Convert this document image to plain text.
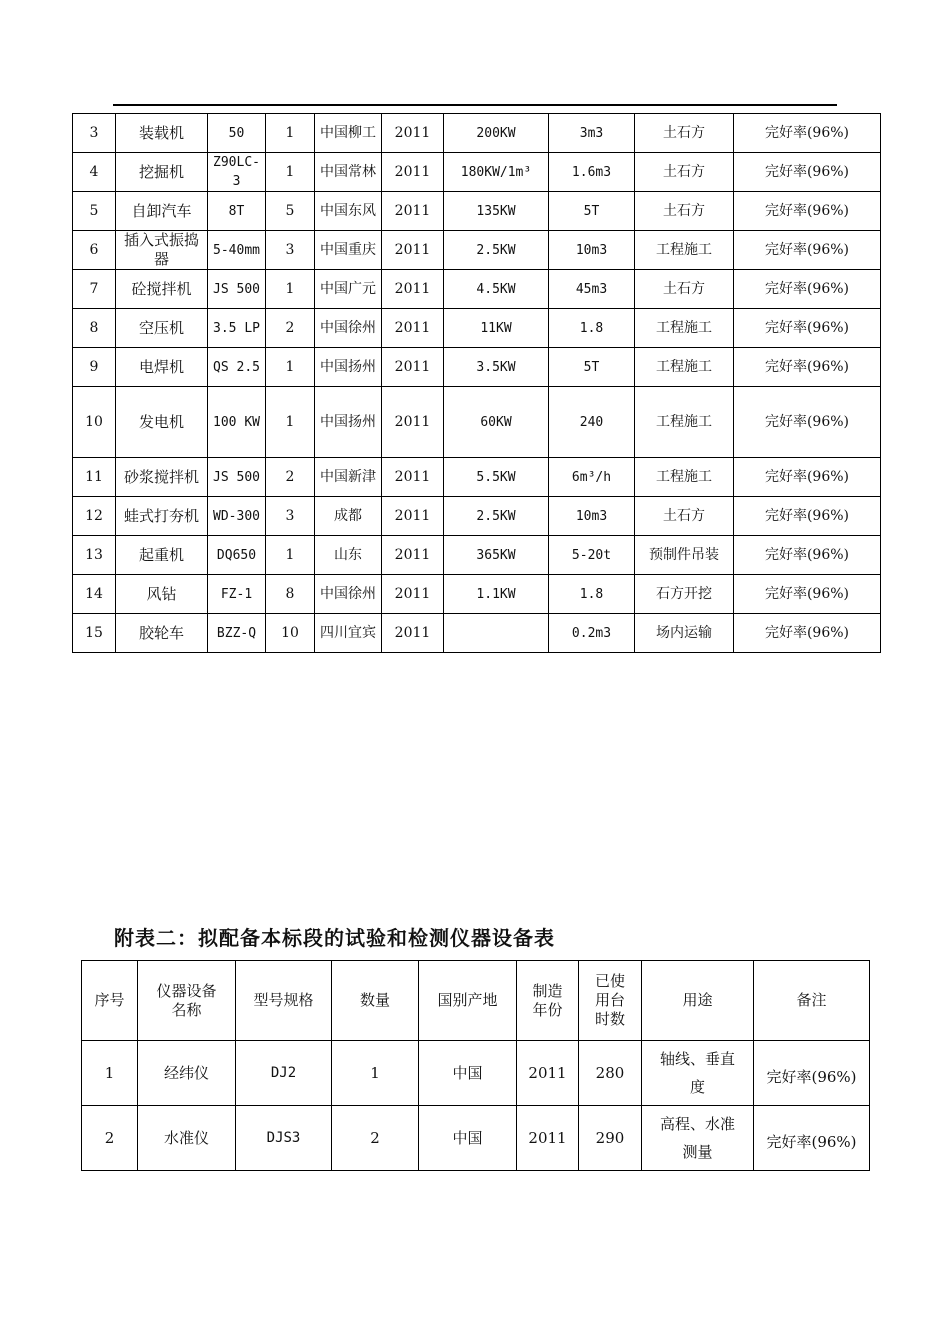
3	装载机	50	1	中国柳工	2011	200KW	3m3	土石方	完好率(96%)
4	挖掘机	Z90LC-3	1	中国常林	2011	180KW/1m³	1.6m3	土石方	完好率(96%)
5	自卸汽车	8T	5	中国东风	2011	135KW	5T	土石方	完好率(96%)
6	插入式振捣器	5-40mm	3	中国重庆	2011	2.5KW	10m3	工程施工	完好率(96%)
7	砼搅拌机	JS 500	1	中国广元	2011	4.5KW	45m3	土石方	完好率(96%)
8	空压机	3.5 LP	2	中国徐州	2011	11KW	1.8	工程施工	完好率(96%)
9	电焊机	QS 2.5	1	中国扬州	2011	3.5KW	5T	工程施工	完好率(96%)
10	发电机	100 KW	1	中国扬州	2011	60KW	240	工程施工	完好率(96%)
11	砂浆搅拌机	JS 500	2	中国新津	2011	5.5KW	6m³/h	工程施工	完好率(96%)
12	蛙式打夯机	WD-300	3	成都	2011	2.5KW	10m3	土石方	完好率(96%)
13	起重机	DQ650	1	山东	2011	365KW	5-20t	预制件吊装	完好率(96%)
14	风钻	FZ-1	8	中国徐州	2011	1.1KW	1.8	石方开挖	完好率(96%)
15	胶轮车	BZZ-Q	10	四川宜宾	2011		0.2m3	场内运输	完好率(96%)
附表二：拟配备本标段的试验和检测仪器设备表
序号	仪器设备名称	型号规格	数量	国别产地	制造年份	已使用台时数	用途	备注
1	经纬仪	DJ2	1	中国	2011	280	轴线、垂直度	完好率(96%)
2	水准仪	DJS3	2	中国	2011	290	高程、水准测量	完好率(96%)
